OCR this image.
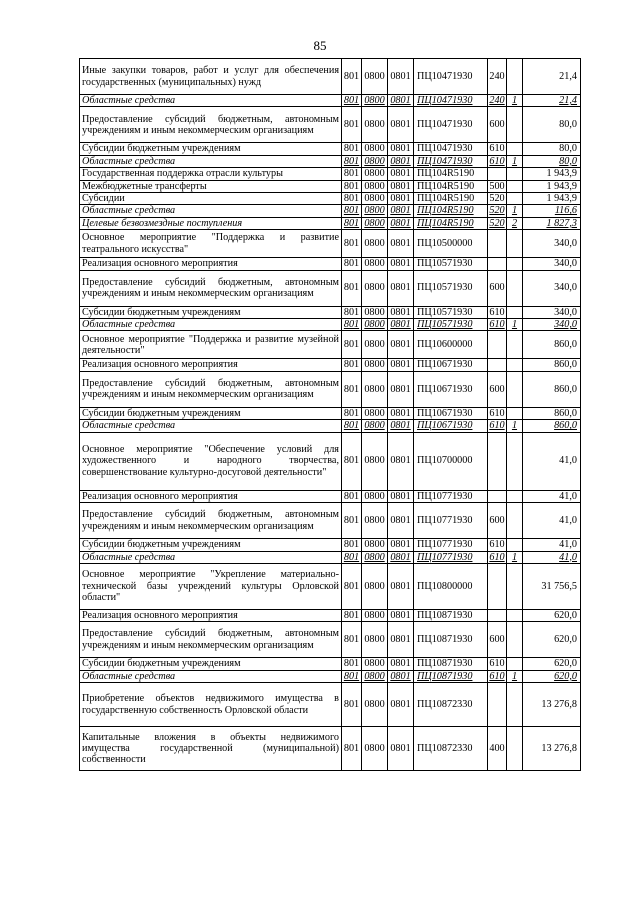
85
Иные закупки товаров, работ и услуг для обеспечения государственных (муниципальных) нужд	801	0800	0801	ПЦ10471930	240		21,4
Областные средства	801	0800	0801	ПЦ10471930	240	1	21,4
Предоставление субсидий бюджетным, автономным учреждениям и иным некоммерческим организациям	801	0800	0801	ПЦ10471930	600		80,0
Субсидии бюджетным учреждениям	801	0800	0801	ПЦ10471930	610		80,0
Областные средства	801	0800	0801	ПЦ10471930	610	1	80,0
Государственная поддержка отрасли культуры	801	0800	0801	ПЦ104R5190			1 943,9
Межбюджетные трансферты	801	0800	0801	ПЦ104R5190	500		1 943,9
Субсидии	801	0800	0801	ПЦ104R5190	520		1 943,9
Областные средства	801	0800	0801	ПЦ104R5190	520	1	116,6
Целевые безвозмездные поступления	801	0800	0801	ПЦ104R5190	520	2	1 827,3
Основное мероприятие "Поддержка и развитие театрального искусства"	801	0800	0801	ПЦ10500000			340,0
Реализация основного мероприятия	801	0800	0801	ПЦ10571930			340,0
Предоставление субсидий бюджетным, автономным учреждениям и иным некоммерческим организациям	801	0800	0801	ПЦ10571930	600		340,0
Субсидии бюджетным учреждениям	801	0800	0801	ПЦ10571930	610		340,0
Областные средства	801	0800	0801	ПЦ10571930	610	1	340,0
Основное мероприятие "Поддержка и развитие музейной деятельности"	801	0800	0801	ПЦ10600000			860,0
Реализация основного мероприятия	801	0800	0801	ПЦ10671930			860,0
Предоставление субсидий бюджетным, автономным учреждениям и иным некоммерческим организациям	801	0800	0801	ПЦ10671930	600		860,0
Субсидии бюджетным учреждениям	801	0800	0801	ПЦ10671930	610		860,0
Областные средства	801	0800	0801	ПЦ10671930	610	1	860,0
Основное мероприятие "Обеспечение условий для художественного и народного творчества, совершенствование культурно-досуговой деятельности"	801	0800	0801	ПЦ10700000			41,0
Реализация основного мероприятия	801	0800	0801	ПЦ10771930			41,0
Предоставление субсидий бюджетным, автономным учреждениям и иным некоммерческим организациям	801	0800	0801	ПЦ10771930	600		41,0
Субсидии бюджетным учреждениям	801	0800	0801	ПЦ10771930	610		41,0
Областные средства	801	0800	0801	ПЦ10771930	610	1	41,0
Основное мероприятие "Укрепление материально-технической базы учреждений культуры Орловской области"	801	0800	0801	ПЦ10800000			31 756,5
Реализация основного мероприятия	801	0800	0801	ПЦ10871930			620,0
Предоставление субсидий бюджетным, автономным учреждениям и иным некоммерческим организациям	801	0800	0801	ПЦ10871930	600		620,0
Субсидии бюджетным учреждениям	801	0800	0801	ПЦ10871930	610		620,0
Областные средства	801	0800	0801	ПЦ10871930	610	1	620,0
Приобретение объектов недвижимого имущества в государственную собственность Орловской области	801	0800	0801	ПЦ10872330			13 276,8
Капитальные вложения в объекты недвижимого имущества государственной (муниципальной) собственности	801	0800	0801	ПЦ10872330	400		13 276,8
